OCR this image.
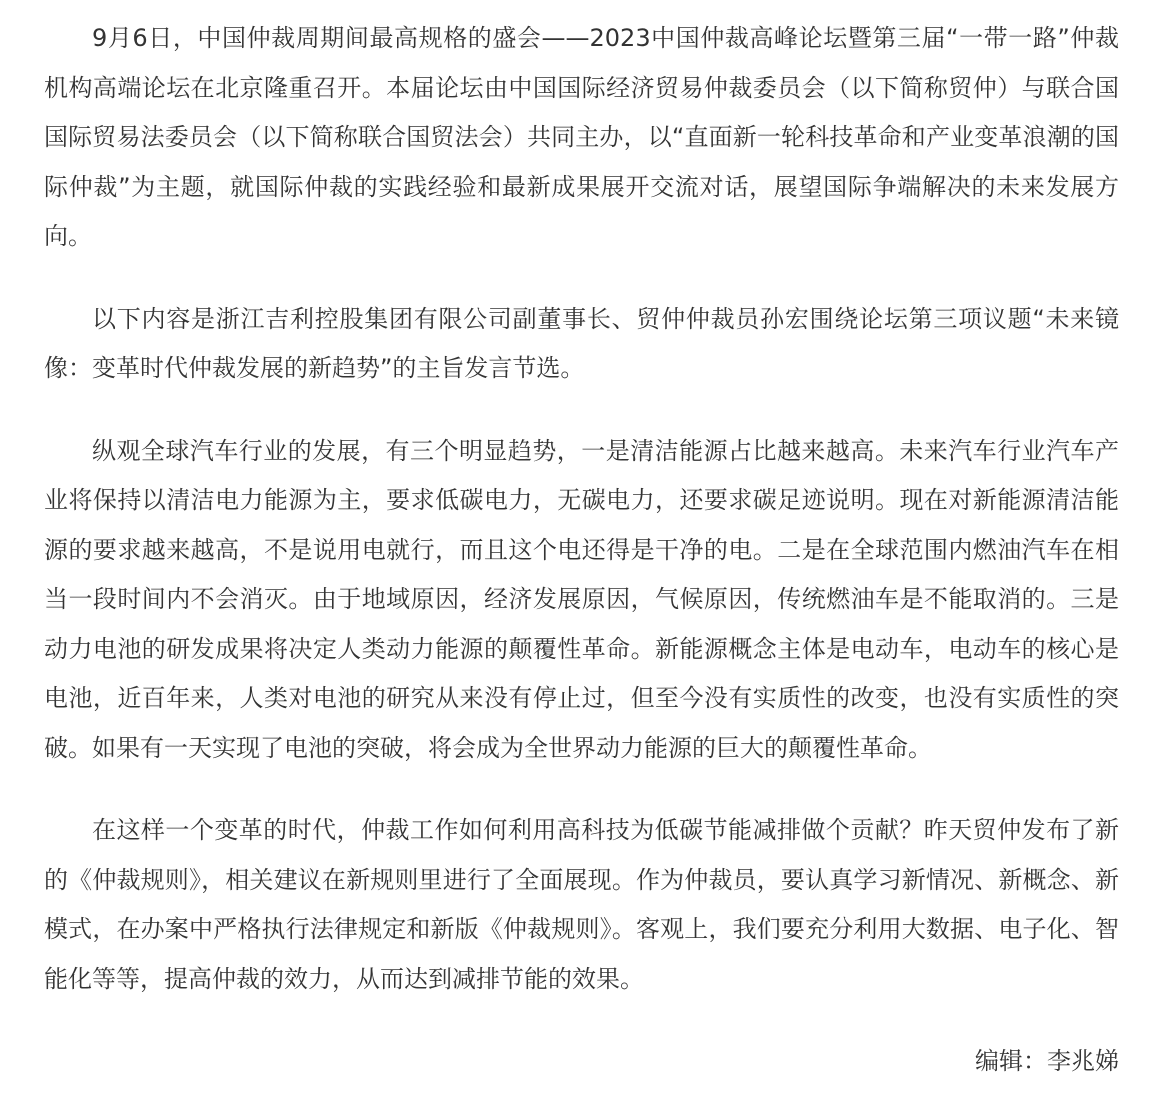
9月6日，中国仲裁周期间最高规格的盛会——2023中国仲裁高峰论坛暨第三届“一带一路”仲裁机构高端论坛在北京隆重召开。本届论坛由中国国际经济贸易仲裁委员会（以下简称贸仲）与联合国国际贸易法委员会（以下简称联合国贸法会）共同主办，以“直面新一轮科技革命和产业变革浪潮的国际仲裁”为主题，就国际仲裁的实践经验和最新成果展开交流对话，展望国际争端解决的未来发展方向。

以下内容是浙江吉利控股集团有限公司副董事长、贸仲仲裁员孙宏围绕论坛第三项议题“未来镜像：变革时代仲裁发展的新趋势”的主旨发言节选。

纵观全球汽车行业的发展，有三个明显趋势，一是清洁能源占比越来越高。未来汽车行业汽车产业将保持以清洁电力能源为主，要求低碳电力，无碳电力，还要求碳足迹说明。现在对新能源清洁能源的要求越来越高，不是说用电就行，而且这个电还得是干净的电。二是在全球范围内燃油汽车在相当一段时间内不会消灭。由于地域原因，经济发展原因，气候原因，传统燃油车是不能取消的。三是动力电池的研发成果将决定人类动力能源的颠覆性革命。新能源概念主体是电动车，电动车的核心是电池，近百年来，人类对电池的研究从来没有停止过，但至今没有实质性的改变，也没有实质性的突破。如果有一天实现了电池的突破，将会成为全世界动力能源的巨大的颠覆性革命。

在这样一个变革的时代，仲裁工作如何利用高科技为低碳节能减排做个贡献？昨天贸仲发布了新的《仲裁规则》，相关建议在新规则里进行了全面展现。作为仲裁员，要认真学习新情况、新概念、新模式，在办案中严格执行法律规定和新版《仲裁规则》。客观上，我们要充分利用大数据、电子化、智能化等等，提高仲裁的效力，从而达到减排节能的效果。

编辑：李兆娣
